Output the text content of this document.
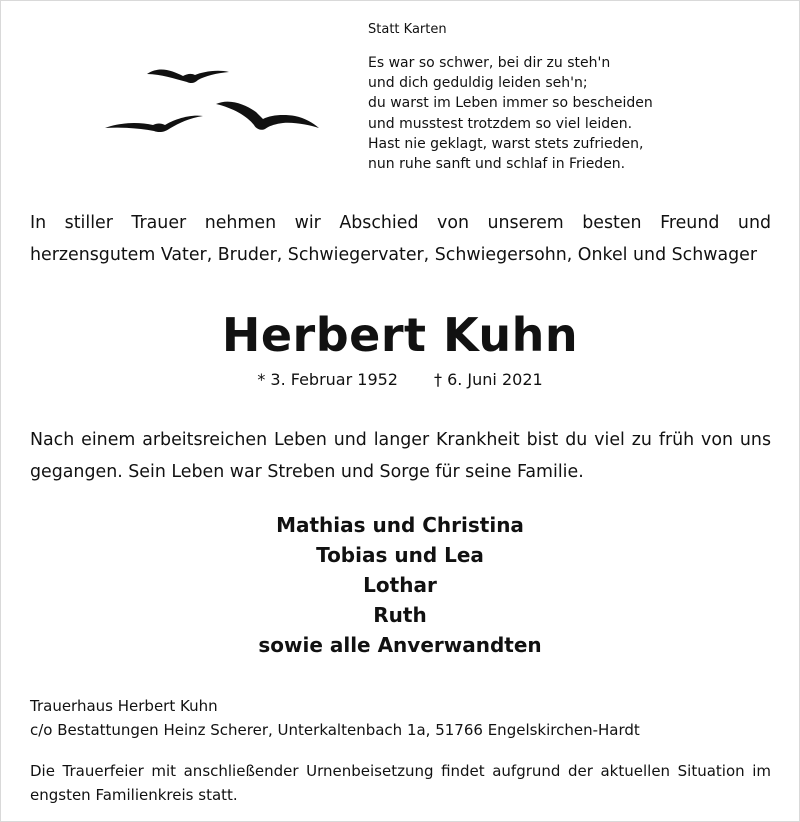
Statt Karten
Es war so schwer, bei dir zu steh'n
und dich geduldig leiden seh'n;
du warst im Leben immer so bescheiden
und musstest trotzdem so viel leiden.
Hast nie geklagt, warst stets zufrieden,
nun ruhe sanft und schlaf in Frieden.
In stiller Trauer nehmen wir Abschied von unserem besten Freund und herzensgutem Vater, Bruder, Schwiegervater, Schwiegersohn, Onkel und Schwager
Herbert Kuhn
* 3. Februar 1952 † 6. Juni 2021
Nach einem arbeitsreichen Leben und langer Krankheit bist du viel zu früh von uns gegangen. Sein Leben war Streben und Sorge für seine Familie.
Mathias und Christina
Tobias und Lea
Lothar
Ruth
sowie alle Anverwandten
Trauerhaus Herbert Kuhn
c/o Bestattungen Heinz Scherer, Unterkaltenbach 1a, 51766 Engelskirchen-Hardt
Die Trauerfeier mit anschließender Urnenbeisetzung findet aufgrund der aktuellen Situation im engsten Familienkreis statt.
